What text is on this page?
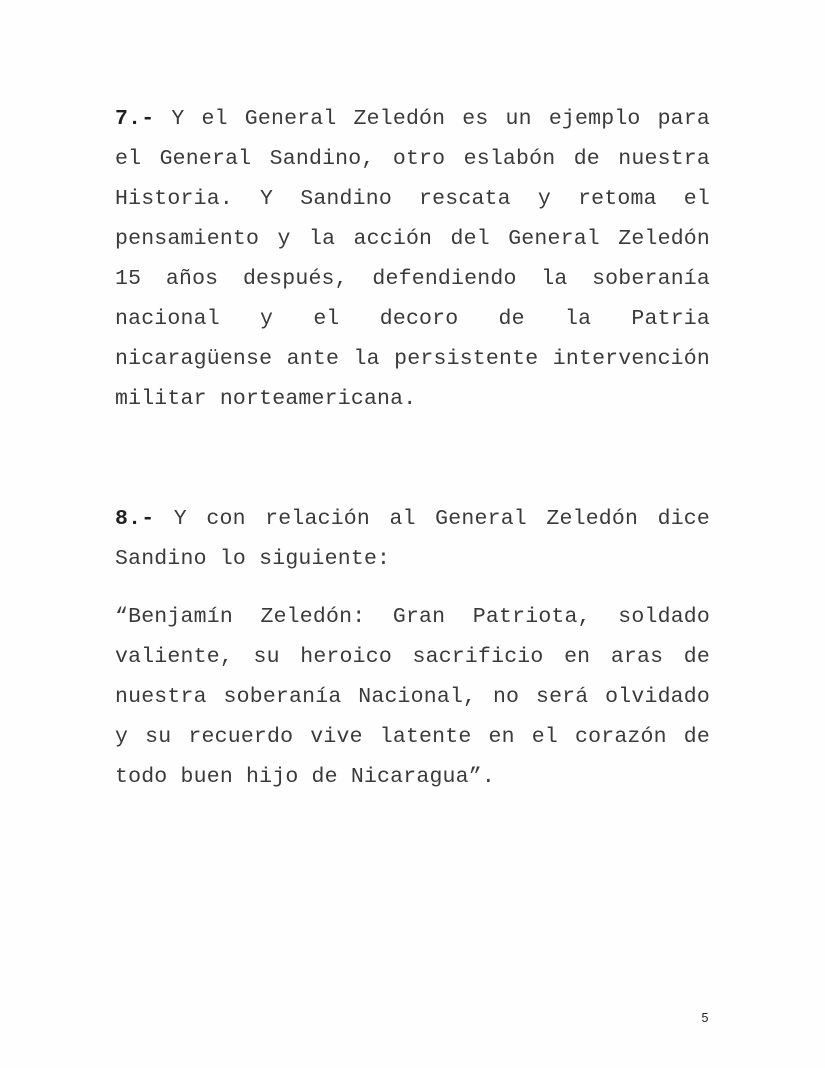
7.- Y el General Zeledón es un ejemplo para el General Sandino, otro eslabón de nuestra Historia. Y Sandino rescata y retoma el pensamiento y la acción del General Zeledón 15 años después, defendiendo la soberanía nacional y el decoro de la Patria nicaragüense ante la persistente intervención militar norteamericana.

8.- Y con relación al General Zeledón dice Sandino lo siguiente:

“Benjamín Zeledón: Gran Patriota, soldado valiente, su heroico sacrificio en aras de nuestra soberanía Nacional, no será olvidado y su recuerdo vive latente en el corazón de todo buen hijo de Nicaragua”.

5
